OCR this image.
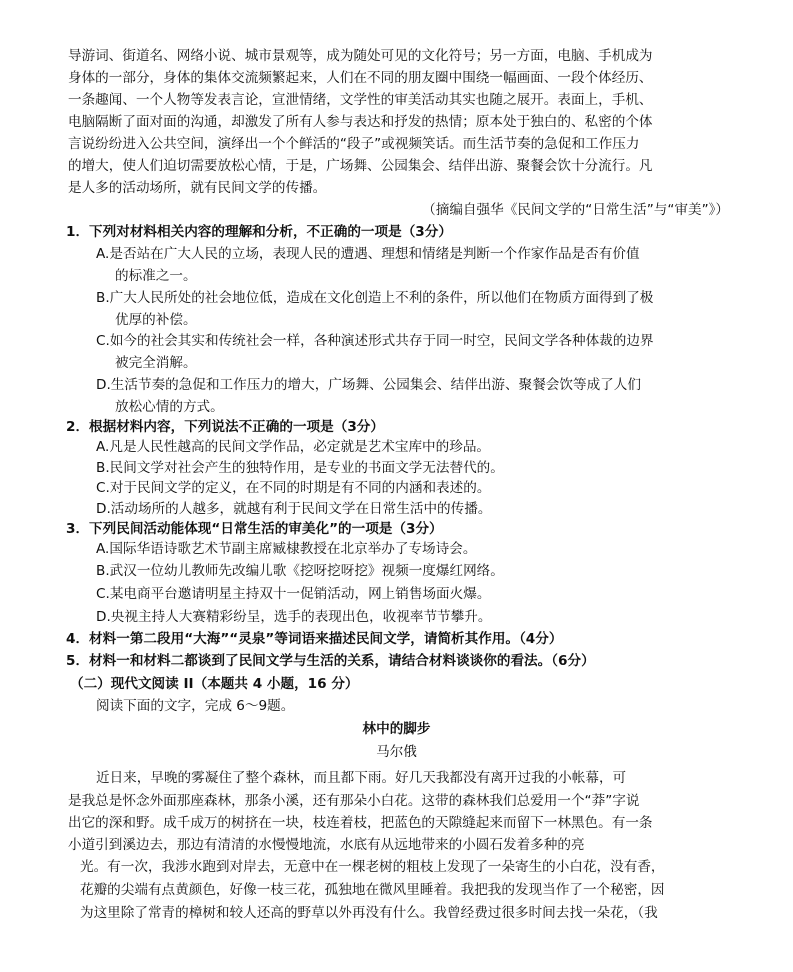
导游词、街道名、网络小说、城市景观等，成为随处可见的文化符号；另一方面，电脑、手机成为
身体的一部分，身体的集体交流频繁起来，人们在不同的朋友圈中围绕一幅画面、一段个体经历、
一条趣闻、一个人物等发表言论，宣泄情绪，文学性的审美活动其实也随之展开。表面上，手机、
电脑隔断了面对面的沟通，却激发了所有人参与表达和抒发的热情；原本处于独白的、私密的个体
言说纷纷进入公共空间，演绎出一个个鲜活的“段子”或视频笑话。而生活节奏的急促和工作压力
的增大，使人们迫切需要放松心情，于是，广场舞、公园集会、结伴出游、聚餐会饮十分流行。凡
是人多的活动场所，就有民间文学的传播。
（摘编自强华《民间文学的“日常生活”与“审美”》）
1．下列对材料相关内容的理解和分析，不正确的一项是（3分）
A.是否站在广大人民的立场，表现人民的遭遇、理想和情绪是判断一个作家作品是否有价值
的标准之一。
B.广大人民所处的社会地位低，造成在文化创造上不利的条件，所以他们在物质方面得到了极
优厚的补偿。
C.如今的社会其实和传统社会一样，各种演述形式共存于同一时空，民间文学各种体裁的边界
被完全消解。
D.生活节奏的急促和工作压力的增大，广场舞、公园集会、结伴出游、聚餐会饮等成了人们
放松心情的方式。
2．根据材料内容，下列说法不正确的一项是（3分）
A.凡是人民性越高的民间文学作品，必定就是艺术宝库中的珍品。
B.民间文学对社会产生的独特作用，是专业的书面文学无法替代的。
C.对于民间文学的定义，在不同的时期是有不同的内涵和表述的。
D.活动场所的人越多，就越有利于民间文学在日常生活中的传播。
3．下列民间活动能体现“日常生活的审美化”的一项是（3分）
A.国际华语诗歌艺术节副主席臧棣教授在北京举办了专场诗会。
B.武汉一位幼儿教师先改编儿歌《挖呀挖呀挖》视频一度爆红网络。
C.某电商平台邀请明星主持双十一促销活动，网上销售场面火爆。
D.央视主持人大赛精彩纷呈，选手的表现出色，收视率节节攀升。
4．材料一第二段用“大海”“灵泉”等词语来描述民间文学，请简析其作用。（4分）
5．材料一和材料二都谈到了民间文学与生活的关系，请结合材料谈谈你的看法。（6分）
（二）现代文阅读 II（本题共 4 小题，16 分）
阅读下面的文字，完成 6～9题。
林中的脚步
马尔俄
近日来，早晚的雾凝住了整个森林，而且都下雨。好几天我都没有离开过我的小帐幕，可
是我总是怀念外面那座森林，那条小溪，还有那朵小白花。这带的森林我们总爱用一个“莽”字说
出它的深和野。成千成万的树挤在一块，枝连着枝，把蓝色的天隙缝起来而留下一林黑色。有一条
小道引到溪边去，那边有清清的水慢慢地流，水底有从远地带来的小圆石发着多种的亮
光。有一次，我涉水跑到对岸去，无意中在一棵老树的粗枝上发现了一朵寄生的小白花，没有香，
花瓣的尖端有点黄颜色，好像一枝三花，孤独地在微风里睡着。我把我的发现当作了一个秘密，因
为这里除了常青的樟树和较人还高的野草以外再没有什么。我曾经费过很多时间去找一朵花，（我
